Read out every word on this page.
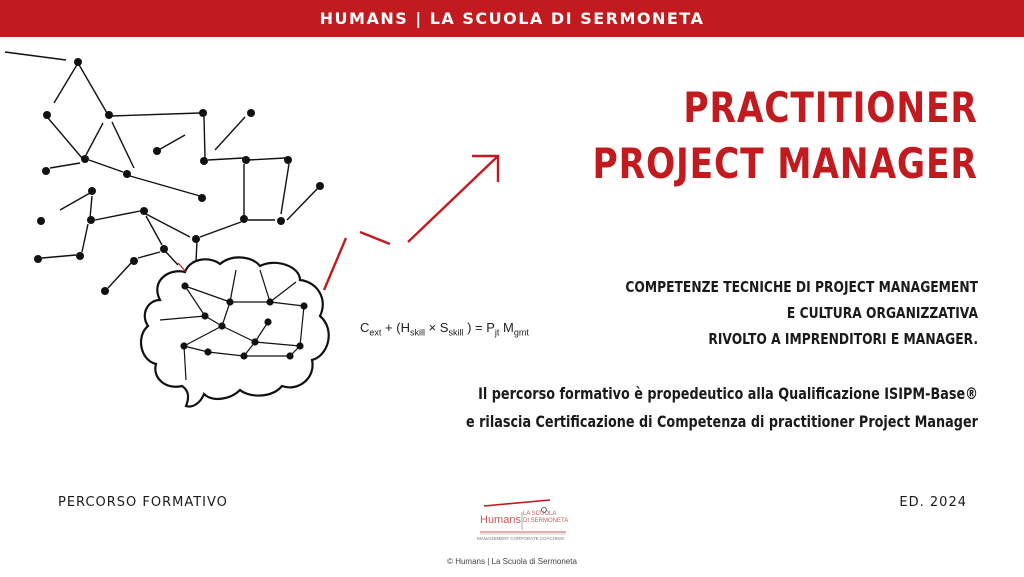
HUMANS | LA SCUOLA DI SERMONETA
$C_{ext} + (H_{skill} \times S_{skill}$ ) = $P_{jt}$ $M_{gmt}$
PRACTITIONER
PROJECT MANAGER
COMPETENZE TECNICHE DI PROJECT MANAGEMENT
E CULTURA ORGANIZZATIVA
RIVOLTO A IMPRENDITORI E MANAGER.
Il percorso formativo è propedeutico alla Qualificazione ISIPM-Base®
e rilascia Certificazione di Competenza di practitioner Project Manager
PERCORSO FORMATIVO	ED. 2024
Humans LA SCUOLA
DI SERMONETA
MANAGEMENT CORPORATE COACHING
© Humans | La Scuola di Sermoneta
